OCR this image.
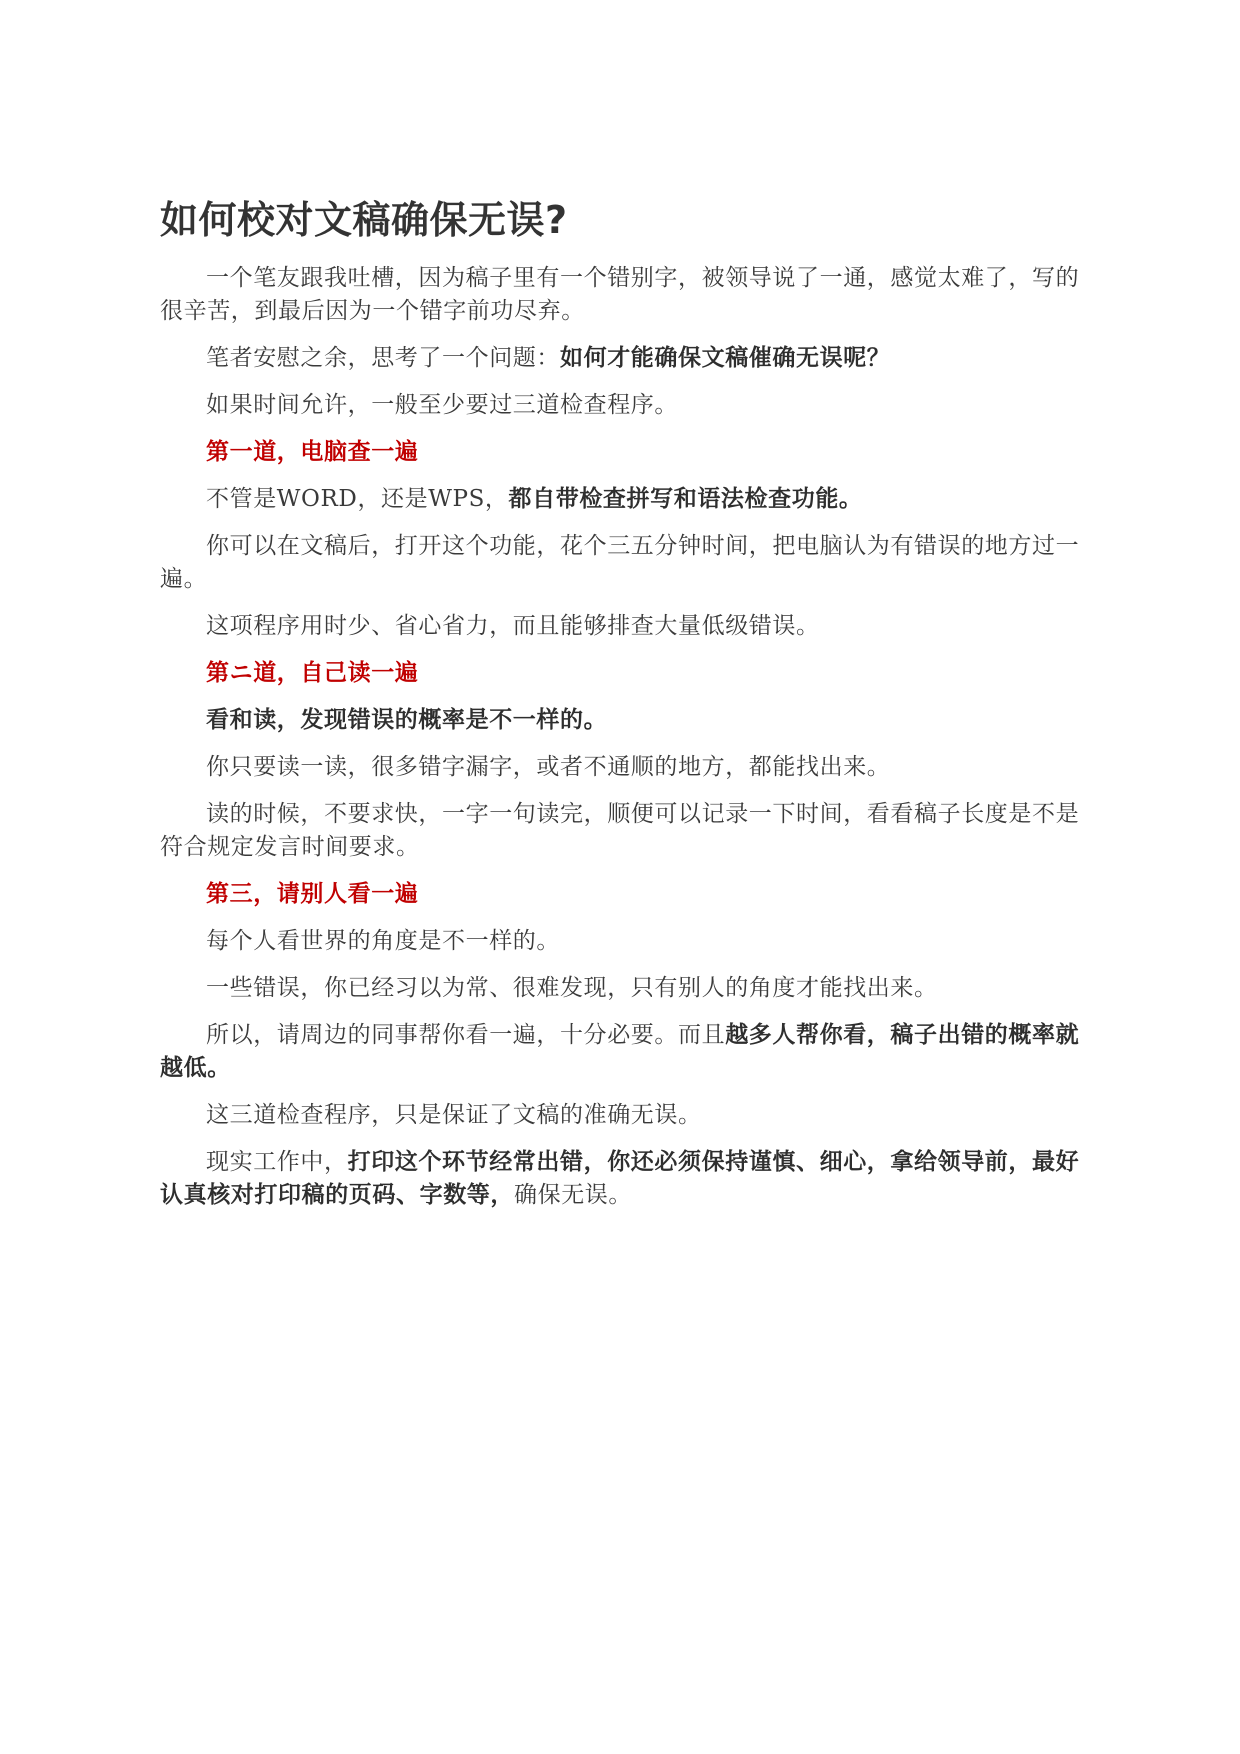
如何校对文稿确保无误?
一个笔友跟我吐槽，因为稿子里有一个错别字，被领导说了一通，感觉太难了，写的很辛苦，到最后因为一个错字前功尽弃。
笔者安慰之余，思考了一个问题：如何才能确保文稿催确无误呢？
如果时间允许，一般至少要过三道检查程序。
第一道，电脑查一遍
不管是WORD，还是WPS，都自带检查拼写和语法检查功能。
你可以在文稿后，打开这个功能，花个三五分钟时间，把电脑认为有错误的地方过一遍。
这项程序用时少、省心省力，而且能够排查大量低级错误。
第ニ道，自己读一遍
看和读，发现错误的概率是不一样的。
你只要读一读，很多错字漏字，或者不通顺的地方，都能找出来。
读的时候，不要求快，一字一句读完，顺便可以记录一下时间，看看稿子长度是不是符合规定发言时间要求。
第三，请别人看一遍
每个人看世界的角度是不一样的。
一些错误，你已经习以为常、很难发现，只有别人的角度才能找出来。
所以，请周边的同事帮你看一遍，十分必要。而且越多人帮你看，稿子出错的概率就越低。
这三道检查程序，只是保证了文稿的准确无误。
现实工作中，打印这个环节经常出错，你还必须保持谨慎、细心，拿给领导前，最好认真核对打印稿的页码、字数等，确保无误。
